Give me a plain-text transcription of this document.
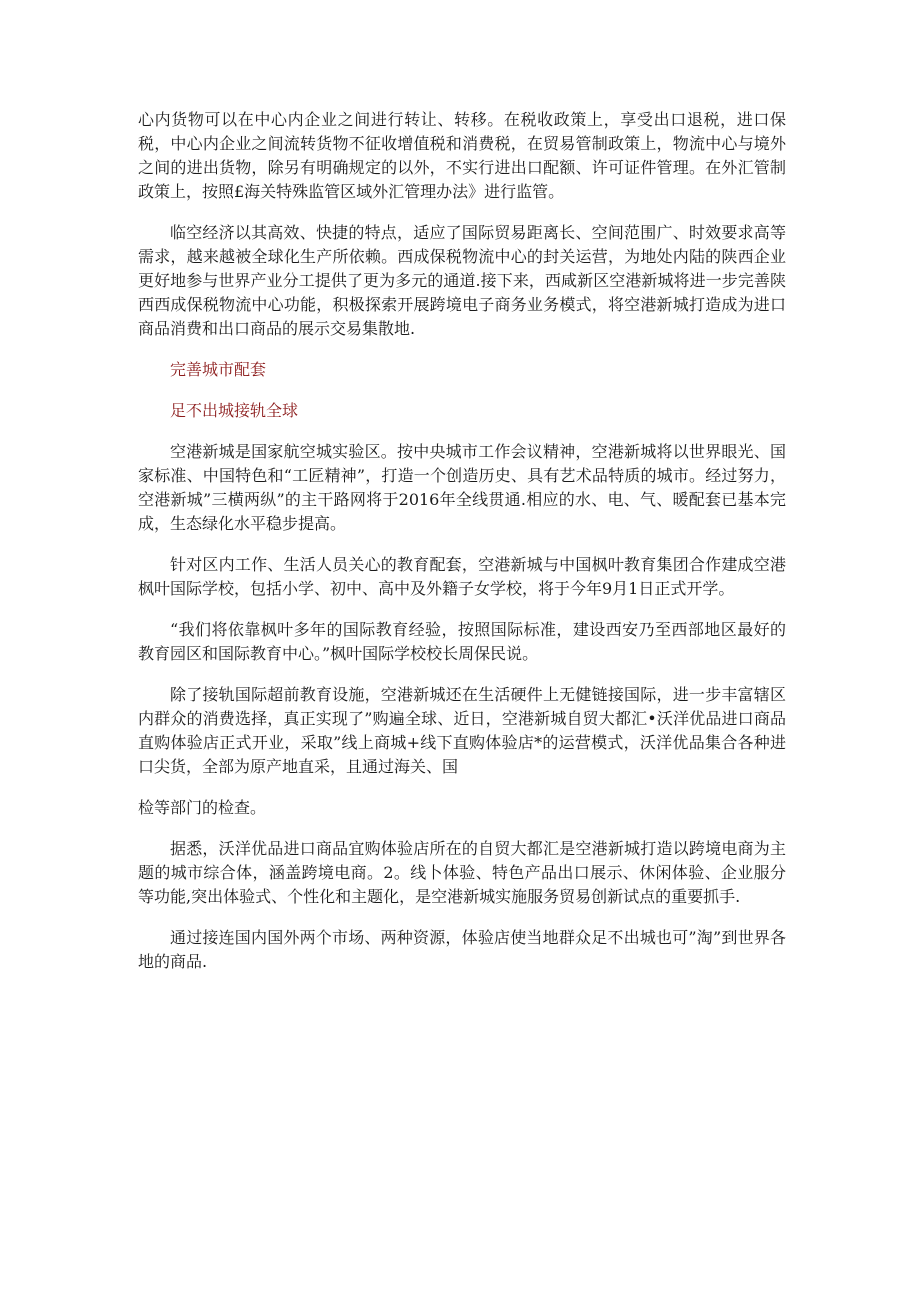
心内货物可以在中心内企业之间进行转让、转移。在税收政策上，享受出口退税，进口保税，中心内企业之间流转货物不征收增值税和消费税，在贸易管制政策上，物流中心与境外之间的进出货物，除另有明确规定的以外，不实行进出口配额、许可证件管理。在外汇管制政策上，按照£海关特殊监管区域外汇管理办法》进行监管。

临空经济以其高效、快捷的特点，适应了国际贸易距离长、空间范围广、时效要求高等需求，越来越被全球化生产所依赖。西成保税物流中心的封关运营，为地处内陆的陕西企业更好地参与世界产业分工提供了更为多元的通道.接下来，西咸新区空港新城将进一步完善陕西西成保税物流中心功能，积极探索开展跨境电子商务业务模式，将空港新城打造成为进口商品消费和出口商品的展示交易集散地.

完善城市配套

足不出城接轨全球

空港新城是国家航空城实验区。按中央城市工作会议精神，空港新城将以世界眼光、国家标准、中国特色和“工匠精神”，打造一个创造历史、具有艺术品特质的城市。经过努力，空港新城”三横两纵”的主干路网将于2016年全线贯通.相应的水、电、气、暖配套已基本完成，生态绿化水平稳步提高。

针对区内工作、生活人员关心的教育配套，空港新城与中国枫叶教育集团合作建成空港枫叶国际学校，包括小学、初中、高中及外籍子女学校，将于今年9月1日正式开学。

“我们将依靠枫叶多年的国际教育经验，按照国际标准，建设西安乃至西部地区最好的教育园区和国际教育中心。”枫叶国际学校校长周保民说。

除了接轨国际超前教育设施，空港新城还在生活硬件上无健链接国际，进一步丰富辖区内群众的消费选择，真正实现了”购遍全球、近日，空港新城自贸大都汇•沃洋优品进口商品直购体验店正式开业，采取”线上商城+线下直购体验店*的运营模式，沃洋优品集合各种进口尖货，全部为原产地直采，且通过海关、国

检等部门的检查。

据悉，沃洋优品进口商品宜购体验店所在的自贸大都汇是空港新城打造以跨境电商为主题的城市综合体，涵盖跨境电商。2。线卜体验、特色产品出口展示、休闲体验、企业服分等功能,突出体验式、个性化和主题化，是空港新城实施服务贸易创新试点的重要抓手.

通过接连国内国外两个市场、两种资源，体验店使当地群众足不出城也可”淘”到世界各地的商品.
